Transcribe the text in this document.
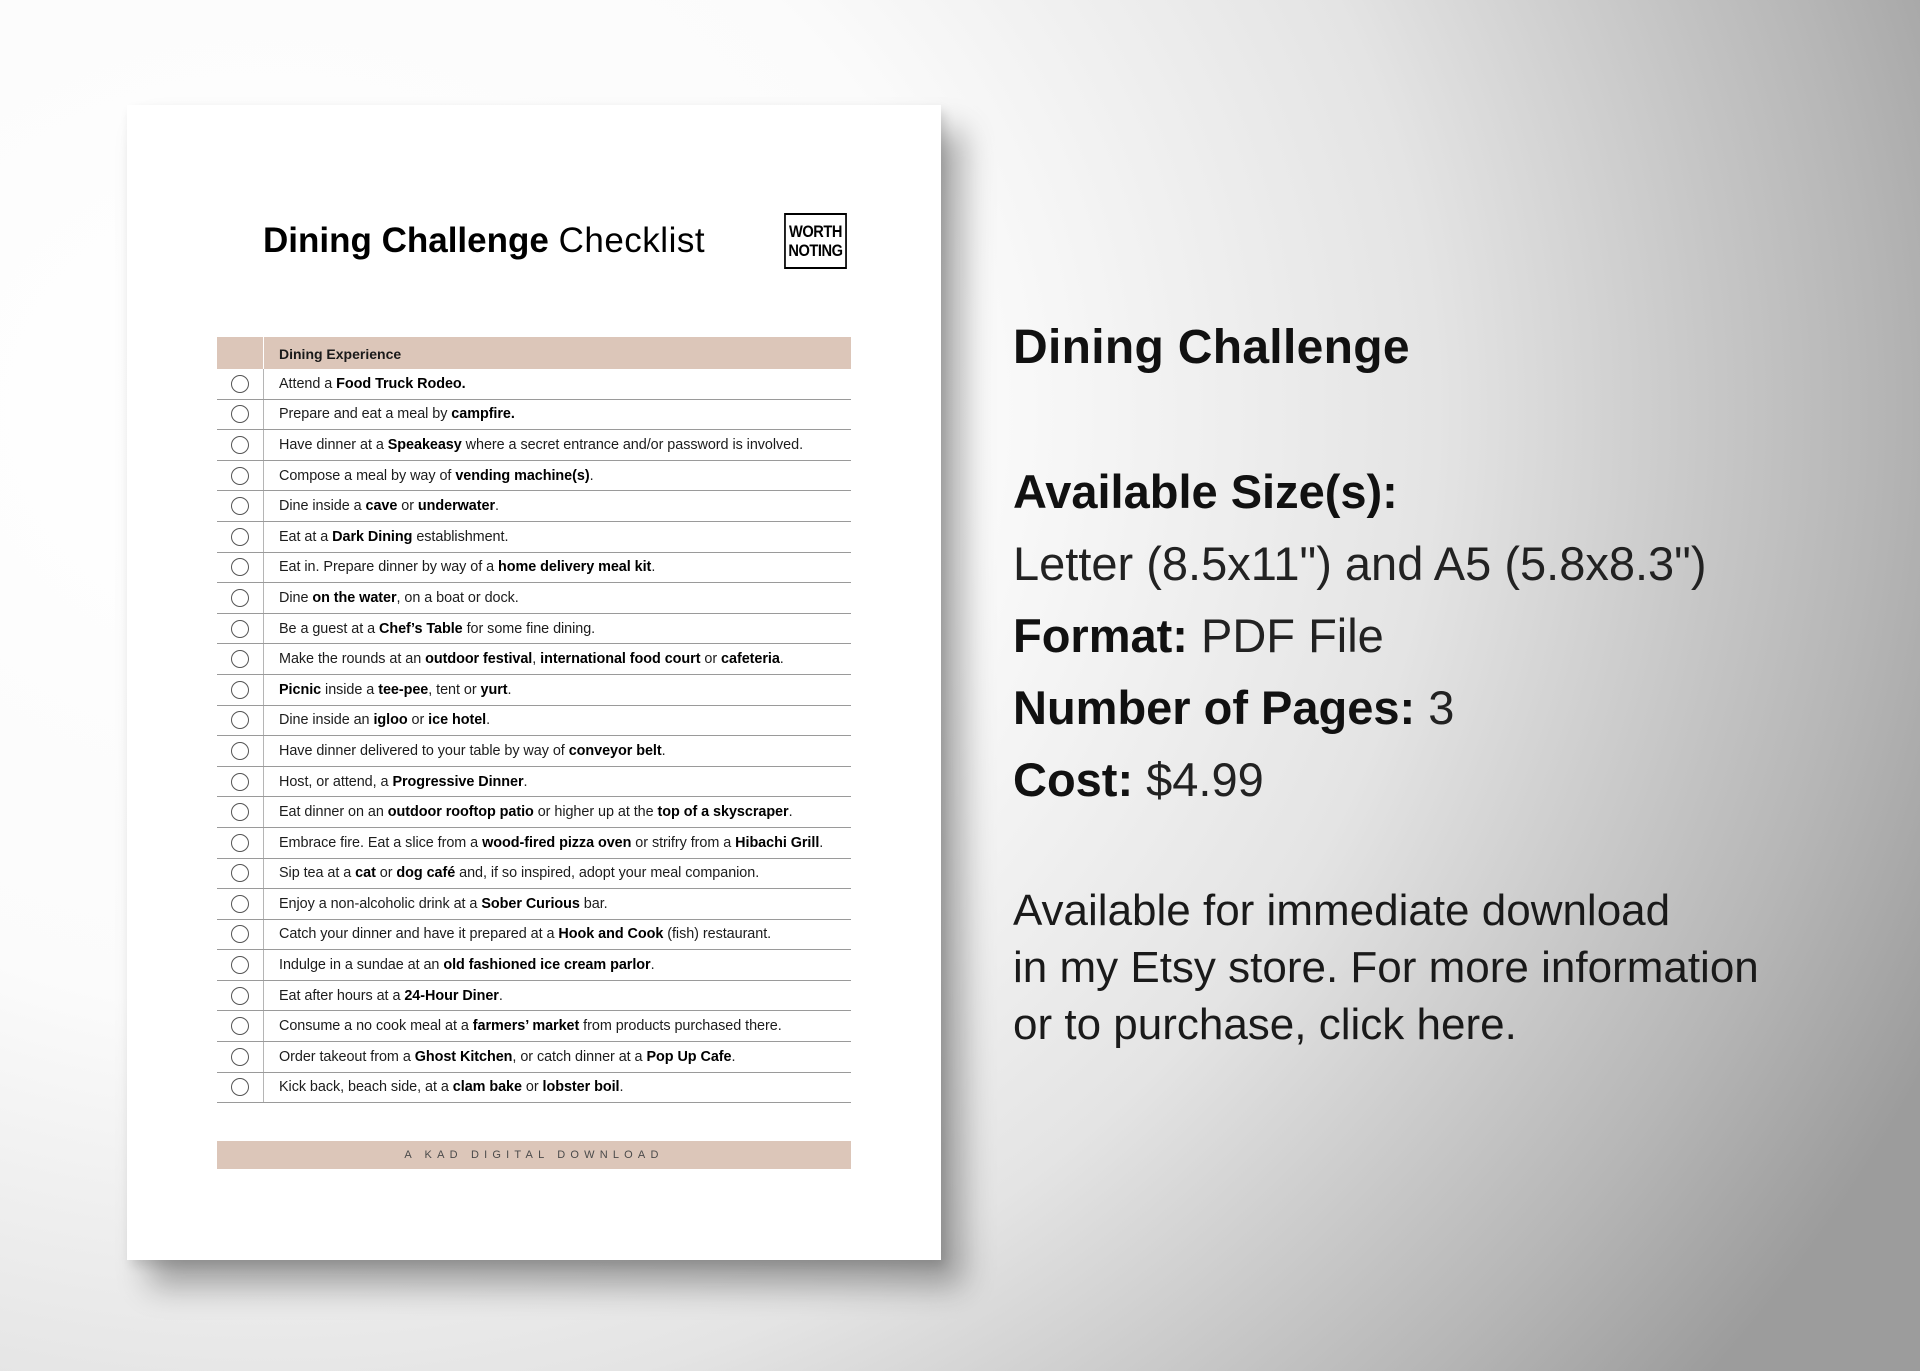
Dining Challenge Checklist	WORTH
NOTING
Dining Experience
Attend a Food Truck Rodeo.
Prepare and eat a meal by campfire.
Have dinner at a Speakeasy where a secret entrance and/or password is involved.
Compose a meal by way of vending machine(s).
Dine inside a cave or underwater.
Eat at a Dark Dining establishment.
Eat in. Prepare dinner by way of a home delivery meal kit.
Dine on the water, on a boat or dock.
Be a guest at a Chef’s Table for some fine dining.
Make the rounds at an outdoor festival, international food court or cafeteria.
Picnic inside a tee-pee, tent or yurt.
Dine inside an igloo or ice hotel.
Have dinner delivered to your table by way of conveyor belt.
Host, or attend, a Progressive Dinner.
Eat dinner on an outdoor rooftop patio or higher up at the top of a skyscraper.
Embrace fire. Eat a slice from a wood-fired pizza oven or strifry from a Hibachi Grill.
Sip tea at a cat or dog café and, if so inspired, adopt your meal companion.
Enjoy a non-alcoholic drink at a Sober Curious bar.
Catch your dinner and have it prepared at a Hook and Cook (fish) restaurant.
Indulge in a sundae at an old fashioned ice cream parlor.
Eat after hours at a 24-Hour Diner.
Consume a no cook meal at a farmers’ market from products purchased there.
Order takeout from a Ghost Kitchen, or catch dinner at a Pop Up Cafe.
Kick back, beach side, at a clam bake or lobster boil.
A KAD DIGITAL DOWNLOAD
Dining Challenge
Available Size(s):
Letter (8.5x11") and A5 (5.8x8.3")
Format: PDF File
Number of Pages: 3
Cost: $4.99
Available for immediate download
in my Etsy store. For more information
or to purchase, click here.
